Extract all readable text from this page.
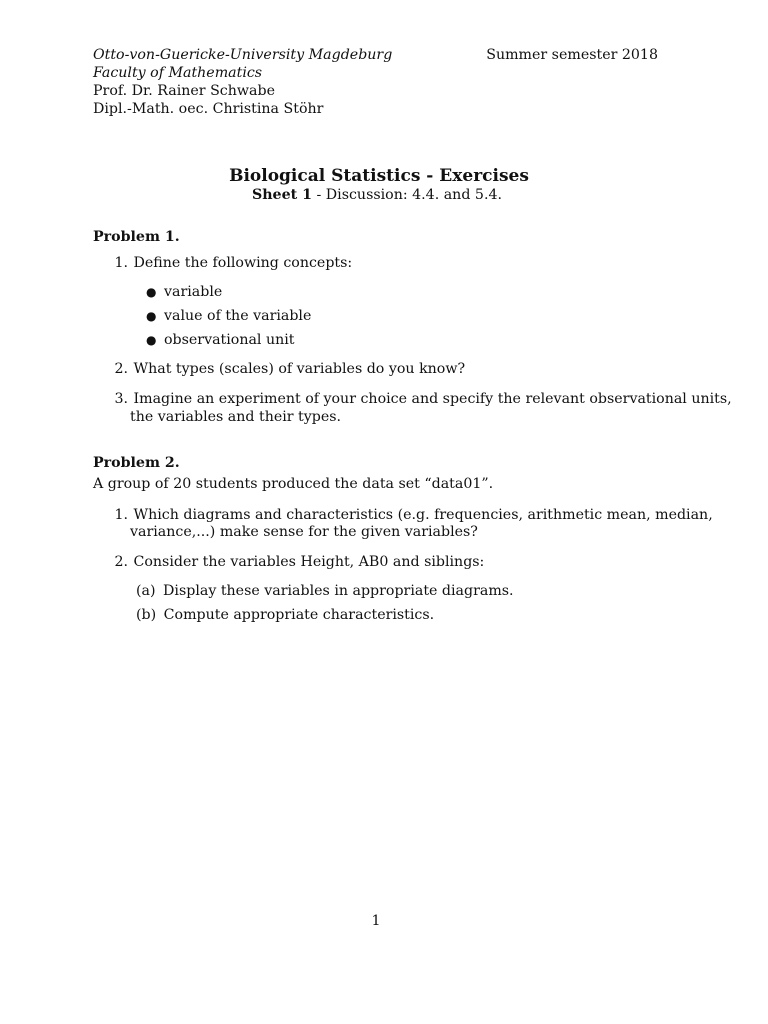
Otto-von-Guericke-University Magdeburg
Faculty of Mathematics
Prof. Dr. Rainer Schwabe
Dipl.-Math. oec. Christina Stöhr
Summer semester 2018
Biological Statistics - Exercises
Sheet 1 - Discussion: 4.4. and 5.4.
Problem 1.
1. Define the following concepts:
● variable
● value of the variable
● observational unit
2. What types (scales) of variables do you know?
3. Imagine an experiment of your choice and specify the relevant observational units,
the variables and their types.
Problem 2.
A group of 20 students produced the data set “data01”.
1. Which diagrams and characteristics (e.g. frequencies, arithmetic mean, median,
variance,...) make sense for the given variables?
2. Consider the variables Height, AB0 and siblings:
(a) Display these variables in appropriate diagrams.
(b) Compute appropriate characteristics.
1
